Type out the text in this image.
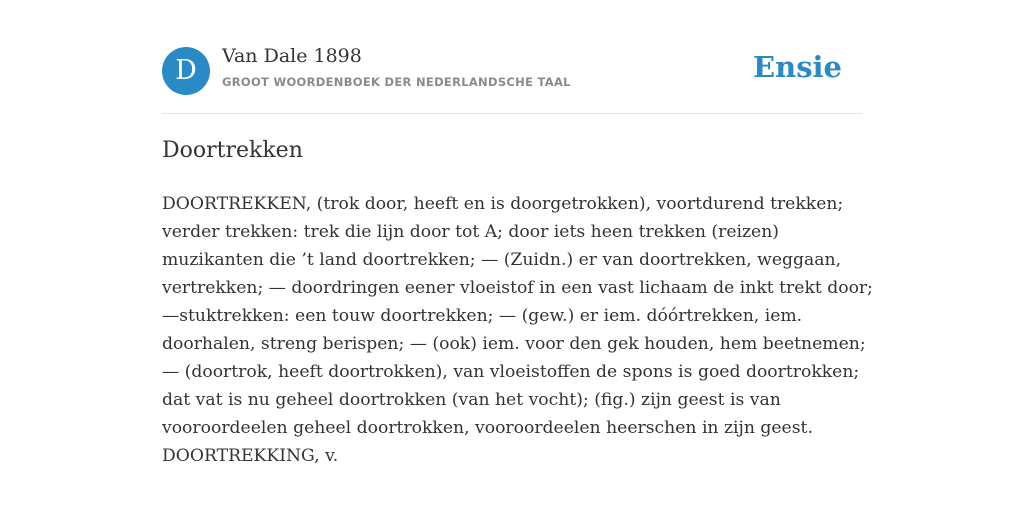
D	Van Dale 1898
GROOT WOORDENBOEK DER NEDERLANDSCHE TAAL	Ensie
Doortrekken

DOORTREKKEN, (trok door, heeft en is doorgetrokken), voortdurend trekken;
verder trekken: trek die lijn door tot A; door iets heen trekken (reizen)
muzikanten die ’t land doortrekken; — (Zuidn.) er van doortrekken, weggaan,
vertrekken; — doordringen eener vloeistof in een vast lichaam de inkt trekt door;
—stuktrekken: een touw doortrekken; — (gew.) er iem. dóórtrekken, iem.
doorhalen, streng berispen; — (ook) iem. voor den gek houden, hem beetnemen;
— (doortrok, heeft doortrokken), van vloeistoffen de spons is goed doortrokken;
dat vat is nu geheel doortrokken (van het vocht); (fig.) zijn geest is van
vooroordeelen geheel doortrokken, vooroordeelen heerschen in zijn geest.
DOORTREKKING, v.
